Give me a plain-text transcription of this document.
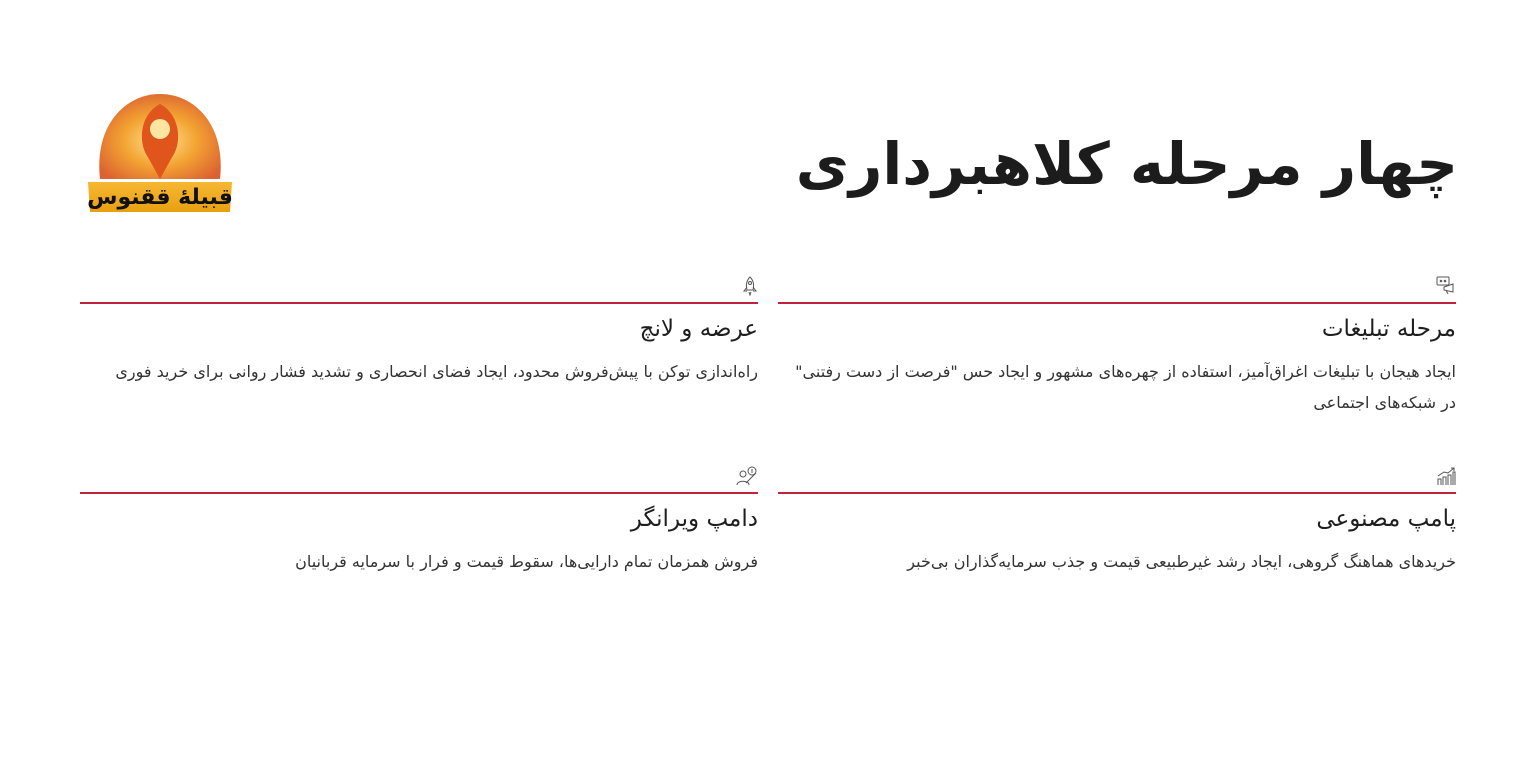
چهار مرحله کلاهبرداری
قبیلهٔ ققنوس
مرحله تبلیغات

ایجاد هیجان با تبلیغات اغراق‌آمیز، استفاده از چهره‌های مشهور و ایجاد حس "فرصت از دست رفتنی" در شبکه‌های اجتماعی

عرضه و لانچ

راه‌اندازی توکن با پیش‌فروش محدود، ایجاد فضای انحصاری و تشدید فشار روانی برای خرید فوری

پامپ مصنوعی

خریدهای هماهنگ گروهی، ایجاد رشد غیرطبیعی قیمت و جذب سرمایه‌گذاران بی‌خبر

دامپ ویرانگر

فروش همزمان تمام دارایی‌ها، سقوط قیمت و فرار با سرمایه قربانیان
